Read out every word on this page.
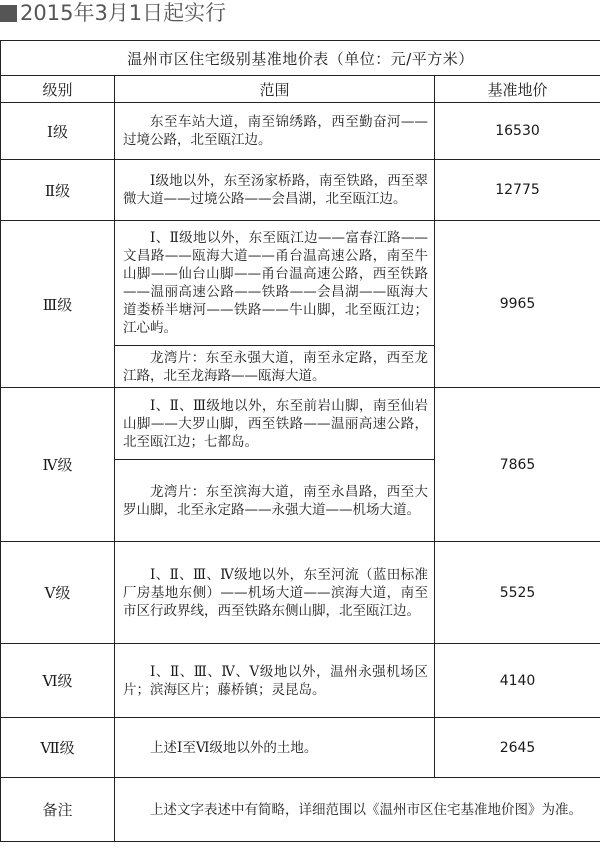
2015年3月1日起实行
温州市区住宅级别基准地价表（单位：元/平方米）		
级别	范围	基准地价
Ⅰ级	东至车站大道，南至锦绣路，西至勤奋河——过境公路，北至瓯江边。	16530
Ⅱ级	Ⅰ级地以外，东至汤家桥路，南至铁路，西至翠微大道——过境公路——会昌湖，北至瓯江边。	12775
Ⅲ级	Ⅰ、Ⅱ级地以外，东至瓯江边——富春江路——文昌路——瓯海大道——甬台温高速公路，南至牛山脚——仙台山脚——甬台温高速公路，西至铁路——温丽高速公路——铁路——会昌湖——瓯海大道娄桥半塘河——铁路——牛山脚，北至瓯江边；江心屿。	9965
	龙湾片：东至永强大道，南至永定路，西至龙江路，北至龙海路——瓯海大道。	
Ⅳ级	Ⅰ、Ⅱ、Ⅲ级地以外，东至前岩山脚，南至仙岩山脚——大罗山脚，西至铁路——温丽高速公路，北至瓯江边；七都岛。	7865
	龙湾片：东至滨海大道，南至永昌路，西至大罗山脚，北至永定路——永强大道——机场大道。	
Ⅴ级	Ⅰ、Ⅱ、Ⅲ、Ⅳ级地以外，东至河流（蓝田标准厂房基地东侧）——机场大道——滨海大道，南至市区行政界线，西至铁路东侧山脚，北至瓯江边。	5525
Ⅵ级	Ⅰ、Ⅱ、Ⅲ、Ⅳ、Ⅴ级地以外，温州永强机场区片；滨海区片；藤桥镇；灵昆岛。	4140
Ⅶ级	上述Ⅰ至Ⅵ级地以外的土地。	2645
备注	上述文字表述中有简略，详细范围以《温州市区住宅基准地价图》为准。	
